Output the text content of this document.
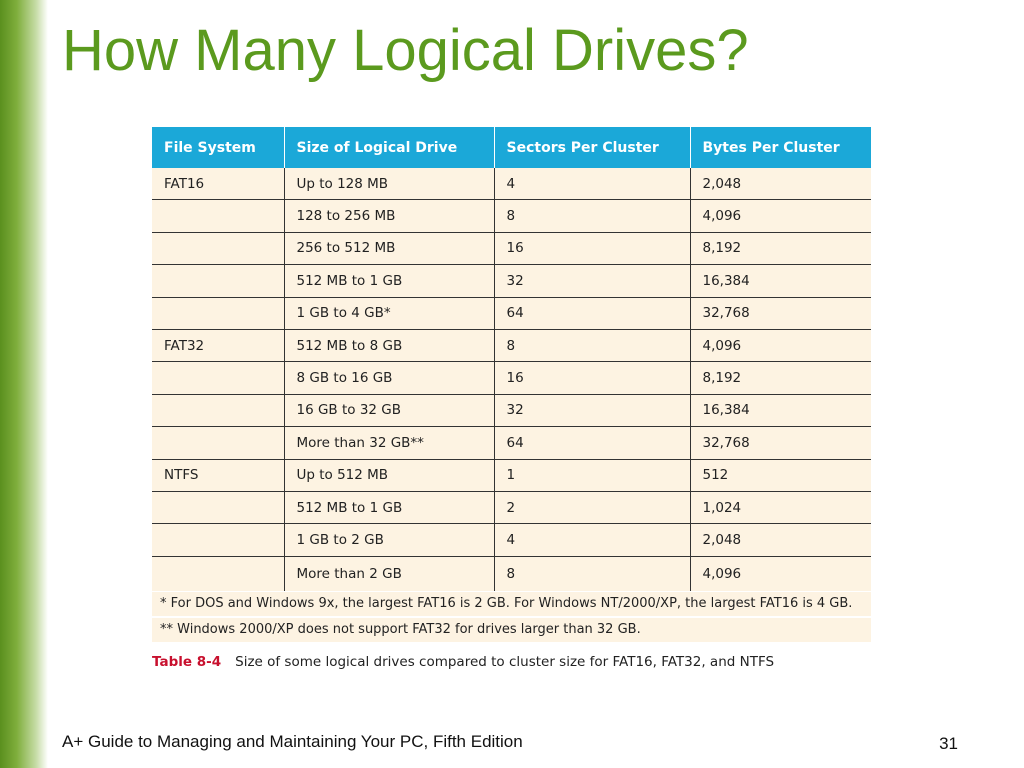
How Many Logical Drives?
File System	Size of Logical Drive	Sectors Per Cluster	Bytes Per Cluster
FAT16	Up to 128 MB	4	2,048
	128 to 256 MB	8	4,096
	256 to 512 MB	16	8,192
	512 MB to 1 GB	32	16,384
	1 GB to 4 GB*	64	32,768
FAT32	512 MB to 8 GB	8	4,096
	8 GB to 16 GB	16	8,192
	16 GB to 32 GB	32	16,384
	More than 32 GB**	64	32,768
NTFS	Up to 512 MB	1	512
	512 MB to 1 GB	2	1,024
	1 GB to 2 GB	4	2,048
	More than 2 GB	8	4,096
* For DOS and Windows 9x, the largest FAT16 is 2 GB. For Windows NT/2000/XP, the largest FAT16 is 4 GB.
** Windows 2000/XP does not support FAT32 for drives larger than 32 GB.
Table 8-4 Size of some logical drives compared to cluster size for FAT16, FAT32, and NTFS
A+ Guide to Managing and Maintaining Your PC, Fifth Edition	31
